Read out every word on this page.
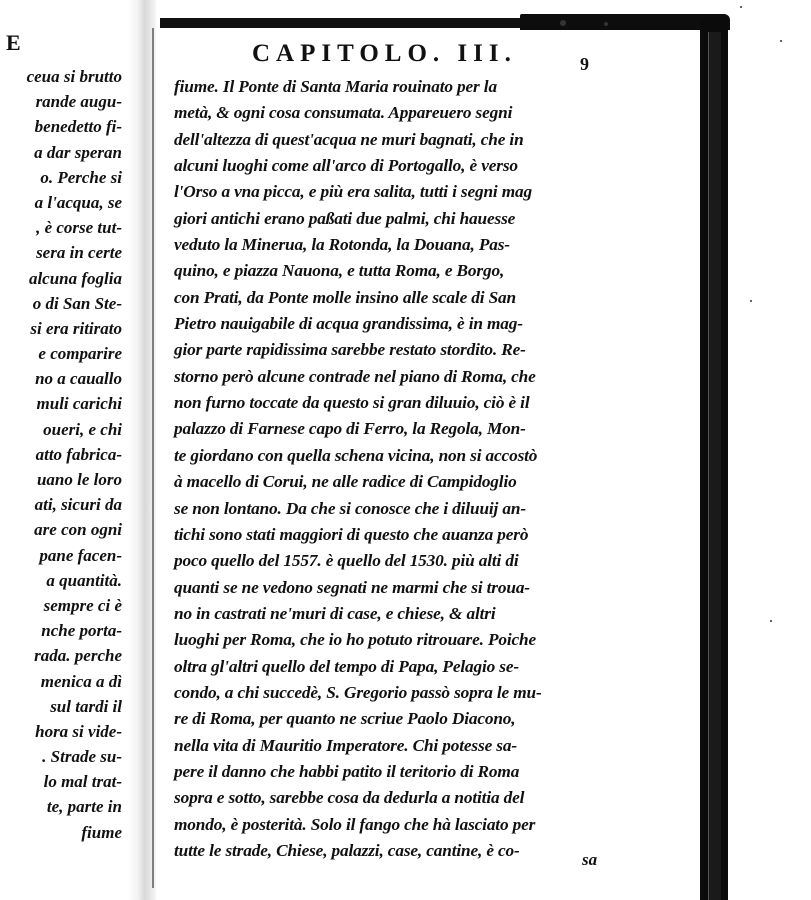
E
ceua si brutto
rande augu-
benedetto fi-
a dar speran
o. Perche si
a l'acqua, se
, è corse tut-
sera in certe
alcuna foglia
o di San Ste-
si era ritirato
e comparire
no a cauallo
muli carichi
oueri, e chi
atto fabrica-
uano le loro
ati, sicuri da
are con ogni
pane facen-
a quantità.
sempre ci è
nche porta-
rada. perche
menica a dì
sul tardi il
hora si vide-
. Strade su-
lo mal trat-
te, parte in
fiume
CAPITOLO. III.	9
fiume. Il Ponte di Santa Maria rouinato per la
metà, & ogni cosa consumata. Appareuero segni
dell'altezza di quest'acqua ne muri bagnati, che in
alcuni luoghi come all'arco di Portogallo, è verso
l'Orso a vna picca, e più era salita, tutti i segni mag
giori antichi erano paßati due palmi, chi hauesse
veduto la Minerua, la Rotonda, la Douana, Pas-
quino, e piazza Nauona, e tutta Roma, e Borgo,
con Prati, da Ponte molle insino alle scale di San
Pietro nauigabile di acqua grandissima, è in mag-
gior parte rapidissima sarebbe restato stordito. Re-
storno però alcune contrade nel piano di Roma, che
non furno toccate da questo si gran diluuio, ciò è il
palazzo di Farnese capo di Ferro, la Regola, Mon-
te giordano con quella schena vicina, non si accostò
à macello di Corui, ne alle radice di Campidoglio
se non lontano. Da che si conosce che i diluuij an-
tichi sono stati maggiori di questo che auanza però
poco quello del 1557. è quello del 1530. più alti di
quanti se ne vedono segnati ne marmi che si troua-
no in castrati ne'muri di case, e chiese, & altri
luoghi per Roma, che io ho potuto ritrouare. Poiche
oltra gl'altri quello del tempo di Papa, Pelagio se-
condo, a chi succedè, S. Gregorio passò sopra le mu-
re di Roma, per quanto ne scriue Paolo Diacono,
nella vita di Mauritio Imperatore. Chi potesse sa-
pere il danno che habbi patito il teritorio di Roma
sopra e sotto, sarebbe cosa da dedurla a notitia del
mondo, è posterità. Solo il fango che hà lasciato per
tutte le strade, Chiese, palazzi, case, cantine, è co-	sa
